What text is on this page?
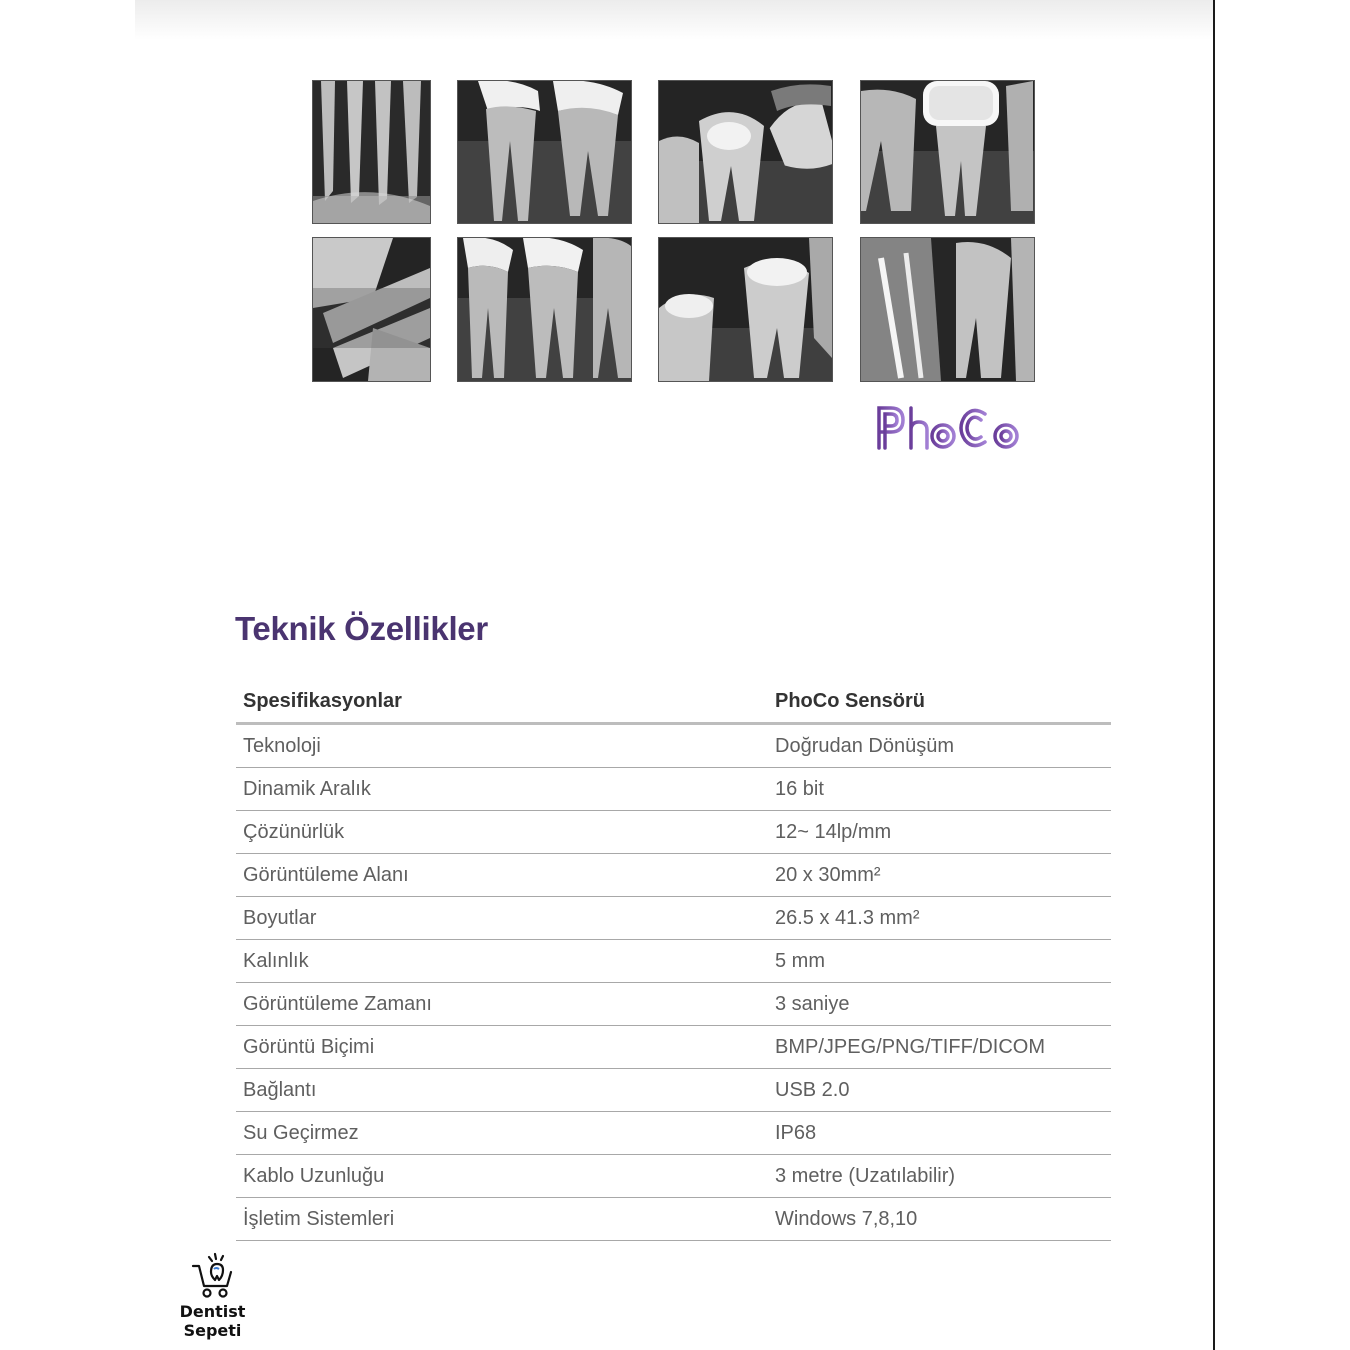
Teknik Özellikler
Spesifikasyonlar	PhoCo Sensörü
Teknoloji	Doğrudan Dönüşüm
Dinamik Aralık	16 bit
Çözünürlük	12~ 14lp/mm
Görüntüleme Alanı	20 x 30mm²
Boyutlar	26.5 x 41.3 mm²
Kalınlık	5 mm
Görüntüleme Zamanı	3 saniye
Görüntü Biçimi	BMP/JPEG/PNG/TIFF/DICOM
Bağlantı	USB 2.0
Su Geçirmez	IP68
Kablo Uzunluğu	3 metre (Uzatılabilir)
İşletim Sistemleri	Windows 7,8,10
Dentist Sepeti
